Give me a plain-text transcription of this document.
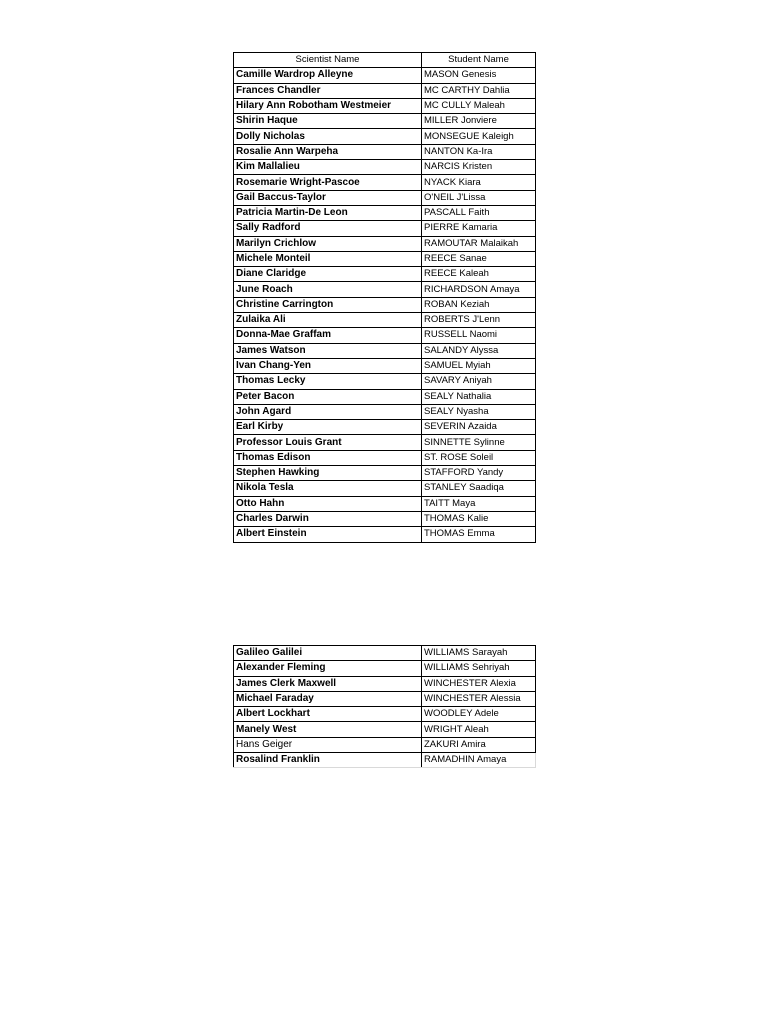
Scientist Name	Student Name
Camille Wardrop Alleyne	MASON Genesis
Frances Chandler	MC CARTHY Dahlia
Hilary Ann Robotham Westmeier	MC CULLY Maleah
Shirin Haque	MILLER Jonviere
Dolly Nicholas	MONSEGUE Kaleigh
Rosalie Ann Warpeha	NANTON Ka-Ira
Kim Mallalieu	NARCIS Kristen
Rosemarie Wright-Pascoe	NYACK Kiara
Gail Baccus-Taylor	O'NEIL J'Lissa
Patricia Martin-De Leon	PASCALL Faith
Sally Radford	PIERRE Kamaria
Marilyn Crichlow	RAMOUTAR Malaikah
Michele Monteil	REECE Sanae
Diane Claridge	REECE Kaleah
June Roach	RICHARDSON Amaya
Christine Carrington	ROBAN Keziah
Zulaika Ali	ROBERTS J'Lenn
Donna-Mae Graffam	RUSSELL Naomi
James Watson	SALANDY Alyssa
Ivan Chang-Yen	SAMUEL Myiah
Thomas Lecky	SAVARY Aniyah
Peter Bacon	SEALY Nathalia
John Agard	SEALY Nyasha
Earl Kirby	SEVERIN Azaida
Professor Louis Grant	SINNETTE Sylinne
Thomas Edison	ST. ROSE Soleil
Stephen Hawking	STAFFORD Yandy
Nikola Tesla	STANLEY Saadiqa
Otto Hahn	TAITT Maya
Charles Darwin	THOMAS Kalie
Albert Einstein	THOMAS Emma
Galileo Galilei	WILLIAMS Sarayah
Alexander Fleming	WILLIAMS Sehriyah
James Clerk Maxwell	WINCHESTER Alexia
Michael Faraday	WINCHESTER Alessia
Albert Lockhart	WOODLEY Adele
Manely West	WRIGHT Aleah
Hans Geiger	ZAKURI Amira
Rosalind Franklin	RAMADHIN Amaya
